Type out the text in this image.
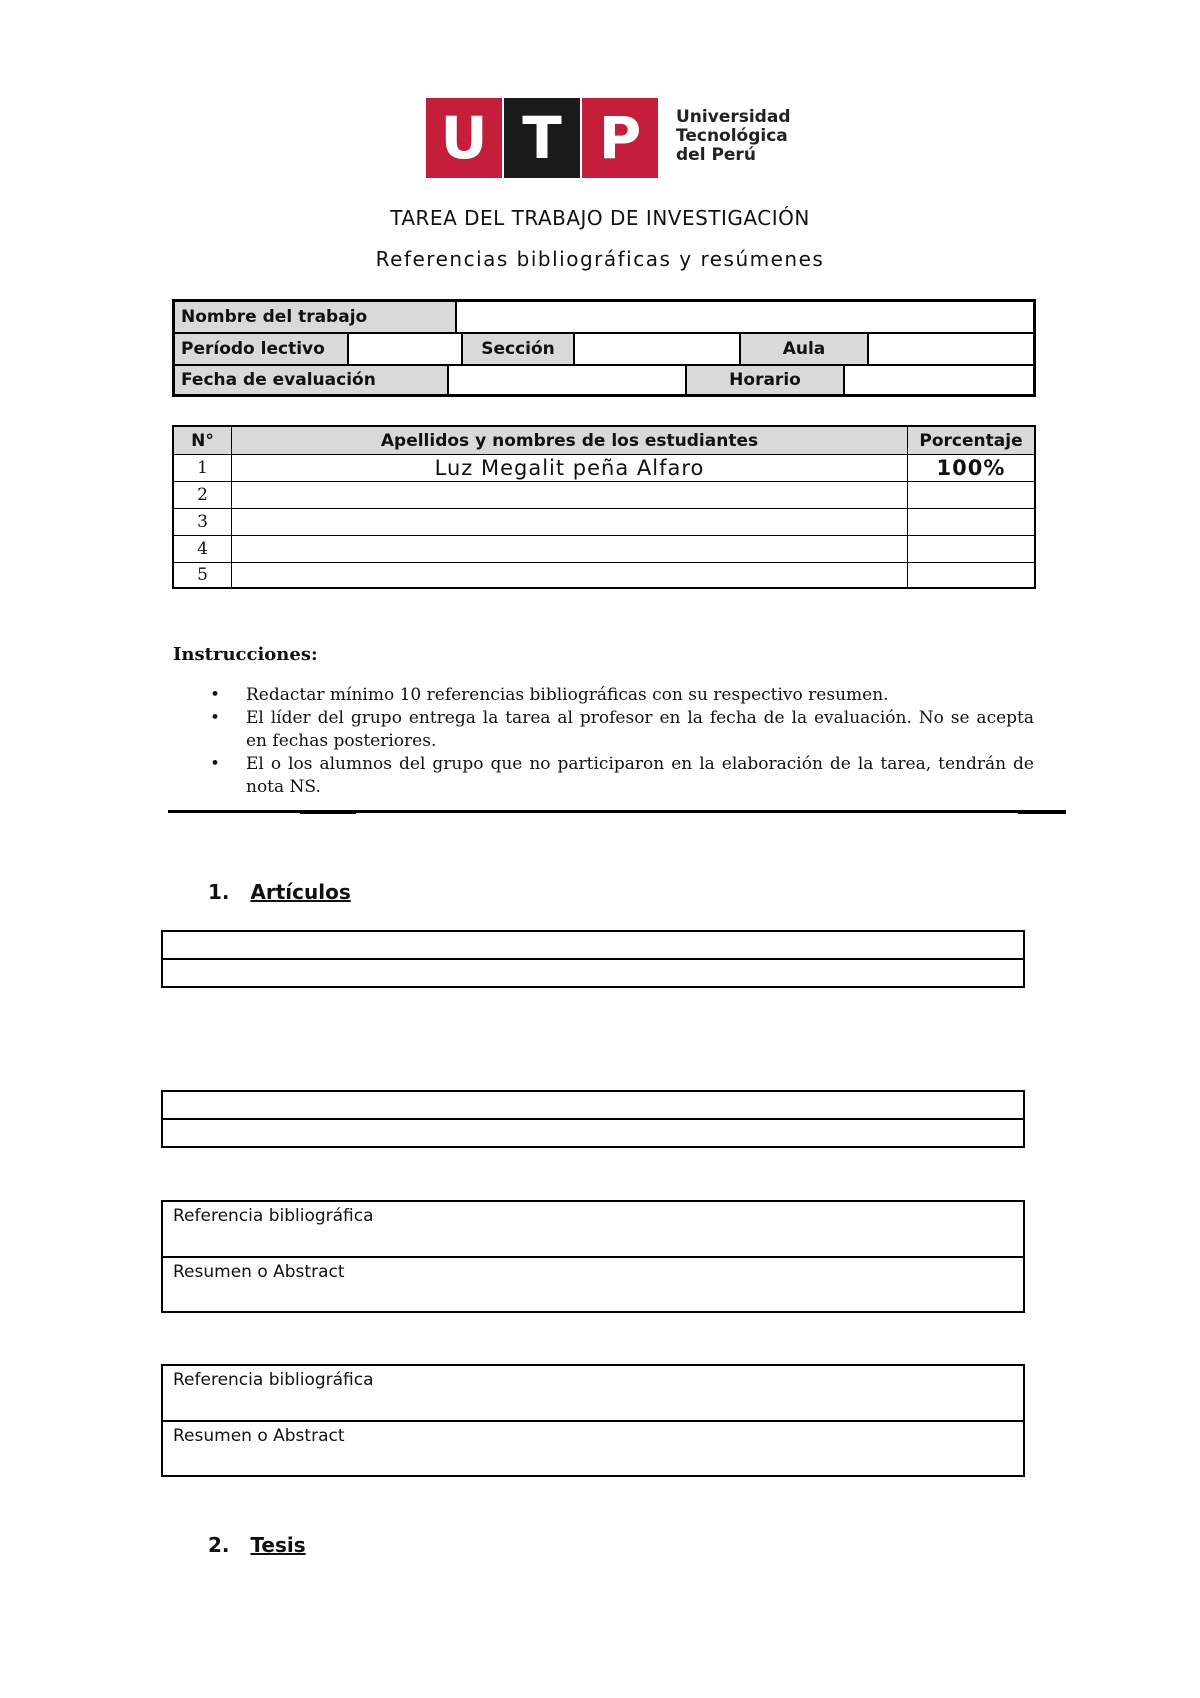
U T P	Universidad
Tecnológica
del Perú
TAREA DEL TRABAJO DE INVESTIGACIÓN
Referencias bibliográficas y resúmenes
Nombre del trabajo
Período lectivo	Sección	Aula
Fecha de evaluación	Horario
N°	Apellidos y nombres de los estudiantes	Porcentaje
1	Luz Megalit peña Alfaro	100%
2
3
4
5
Instrucciones:
• Redactar mínimo 10 referencias bibliográficas con su respectivo resumen.
• El líder del grupo entrega la tarea al profesor en la fecha de la evaluación. No se acepta en fechas posteriores.
• El o los alumnos del grupo que no participaron en la elaboración de la tarea, tendrán de nota NS.
1. Artículos
Referencia bibliográfica
Resumen o Abstract
Referencia bibliográfica
Resumen o Abstract
2. Tesis
